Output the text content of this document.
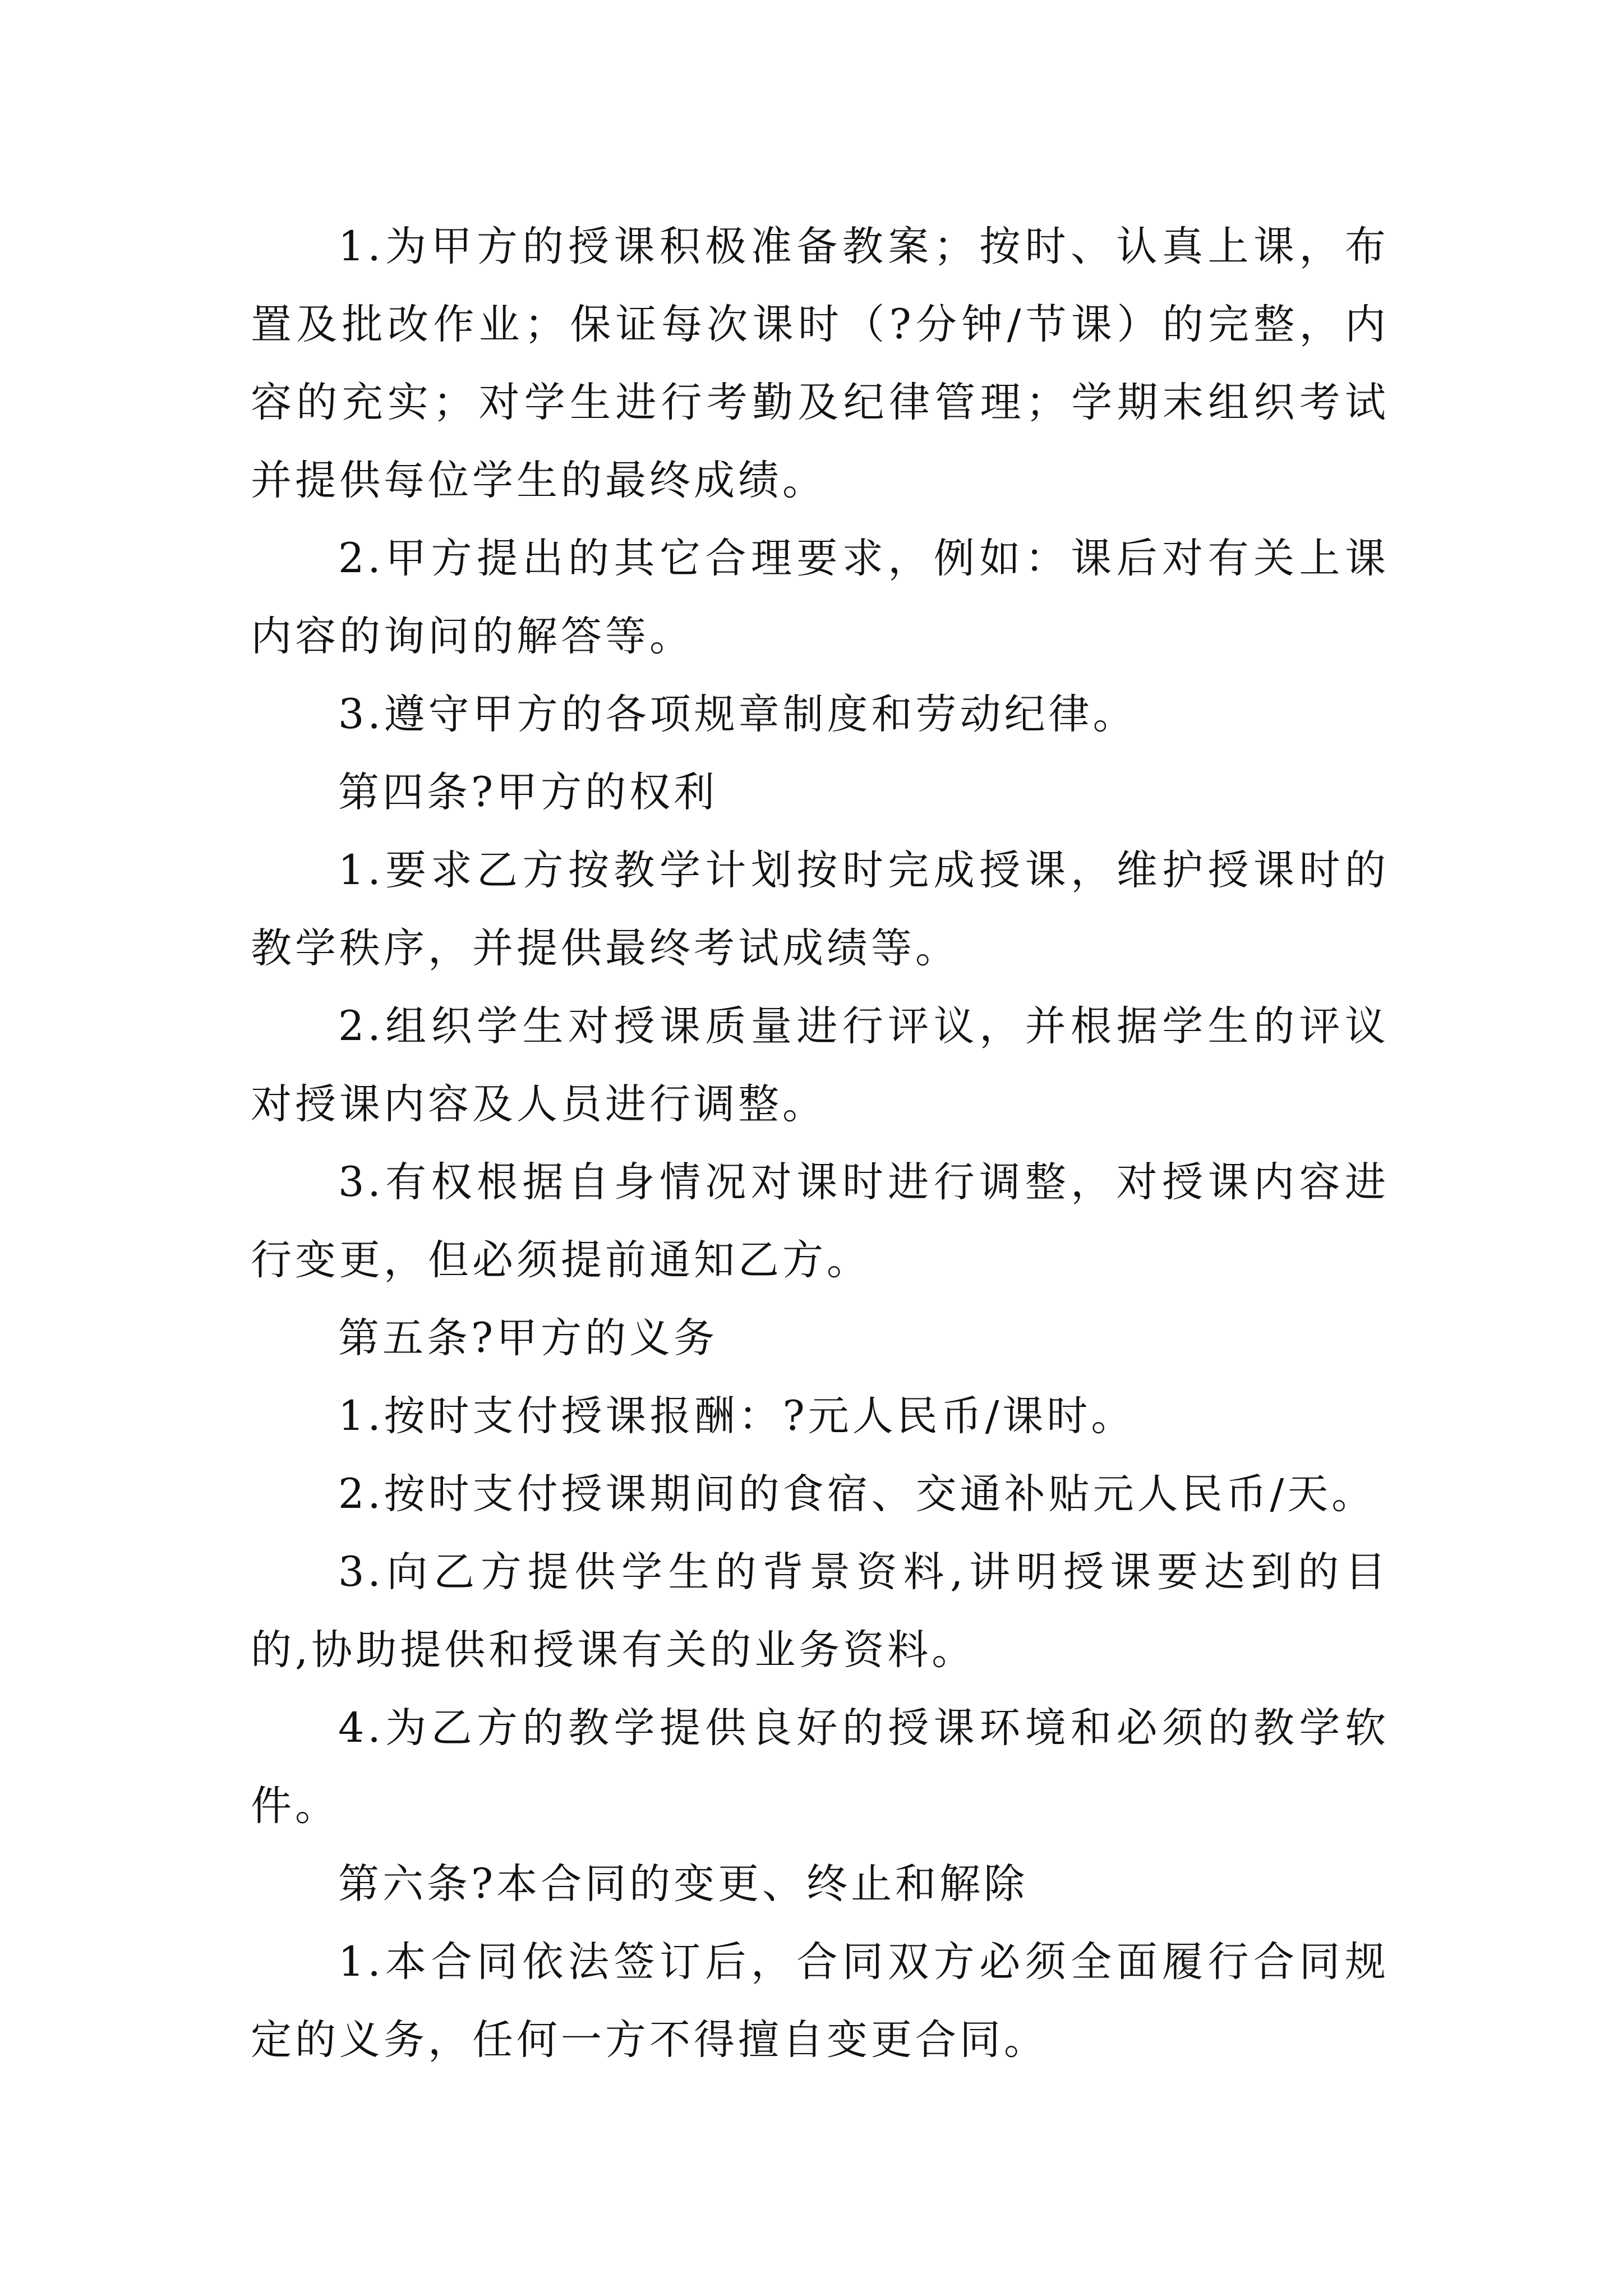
1.为甲方的授课积极准备教案；按时、认真上课，布置及批改作业；保证每次课时（?分钟/节课）的完整，内容的充实；对学生进行考勤及纪律管理；学期末组织考试并提供每位学生的最终成绩。

2.甲方提出的其它合理要求，例如：课后对有关上课内容的询问的解答等。

3.遵守甲方的各项规章制度和劳动纪律。

第四条?甲方的权利

1.要求乙方按教学计划按时完成授课，维护授课时的教学秩序，并提供最终考试成绩等。

2.组织学生对授课质量进行评议，并根据学生的评议对授课内容及人员进行调整。

3.有权根据自身情况对课时进行调整，对授课内容进行变更，但必须提前通知乙方。

第五条?甲方的义务

1.按时支付授课报酬：?元人民币/课时。

2.按时支付授课期间的食宿、交通补贴元人民币/天。

3.向乙方提供学生的背景资料,讲明授课要达到的目的,协助提供和授课有关的业务资料。

4.为乙方的教学提供良好的授课环境和必须的教学软件。

第六条?本合同的变更、终止和解除

1.本合同依法签订后，合同双方必须全面履行合同规定的义务，任何一方不得擅自变更合同。
